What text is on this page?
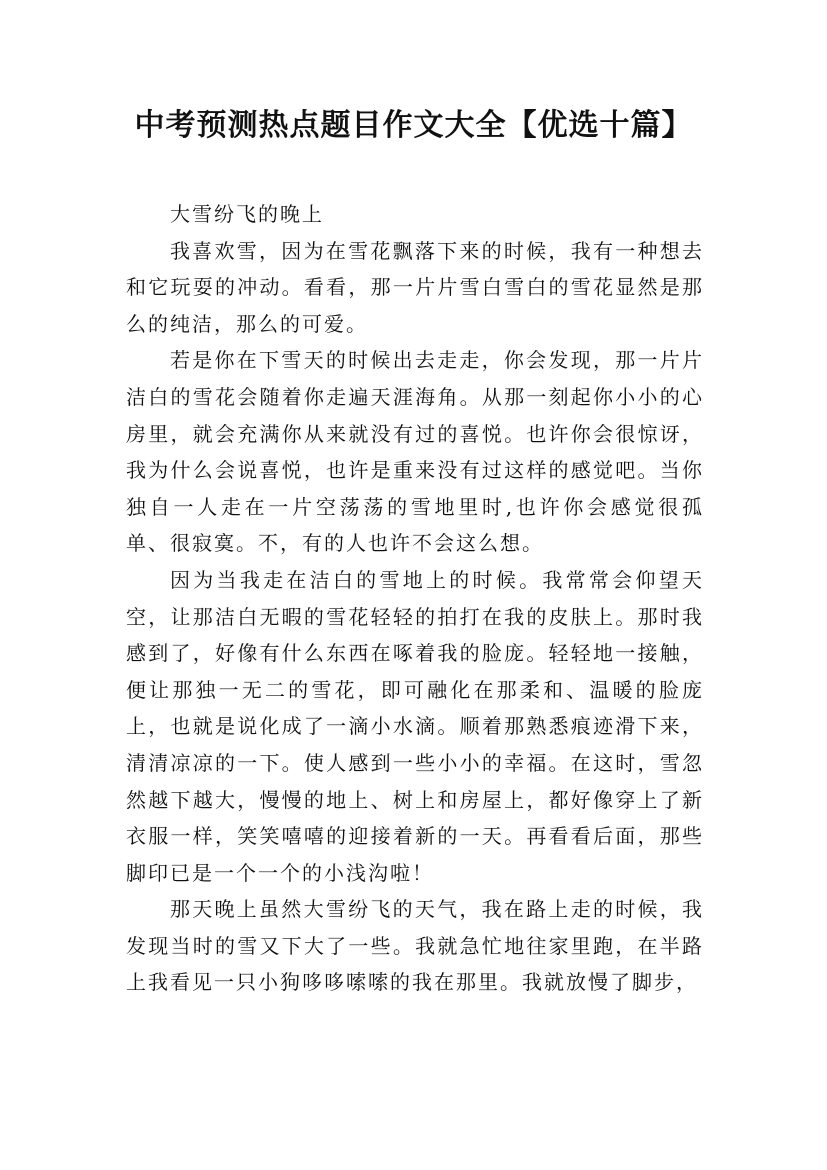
中考预测热点题目作文大全【优选十篇】

大雪纷飞的晚上

我喜欢雪，因为在雪花飘落下来的时候，我有一种想去和它玩耍的冲动。看看，那一片片雪白雪白的雪花显然是那么的纯洁，那么的可爱。

若是你在下雪天的时候出去走走，你会发现，那一片片洁白的雪花会随着你走遍天涯海角。从那一刻起你小小的心房里，就会充满你从来就没有过的喜悦。也许你会很惊讶，我为什么会说喜悦，也许是重来没有过这样的感觉吧。当你独自一人走在一片空荡荡的雪地里时,也许你会感觉很孤单、很寂寞。不，有的人也许不会这么想。

因为当我走在洁白的雪地上的时候。我常常会仰望天空，让那洁白无暇的雪花轻轻的拍打在我的皮肤上。那时我感到了，好像有什么东西在啄着我的脸庞。轻轻地一接触，便让那独一无二的雪花，即可融化在那柔和、温暖的脸庞上，也就是说化成了一滴小水滴。顺着那熟悉痕迹滑下来，清清凉凉的一下。使人感到一些小小的幸福。在这时，雪忽然越下越大，慢慢的地上、树上和房屋上，都好像穿上了新衣服一样，笑笑嘻嘻的迎接着新的一天。再看看后面，那些脚印已是一个一个的小浅沟啦！

那天晚上虽然大雪纷飞的天气，我在路上走的时候，我发现当时的雪又下大了一些。我就急忙地往家里跑，在半路上我看见一只小狗哆哆嗦嗦的我在那里。我就放慢了脚步，
